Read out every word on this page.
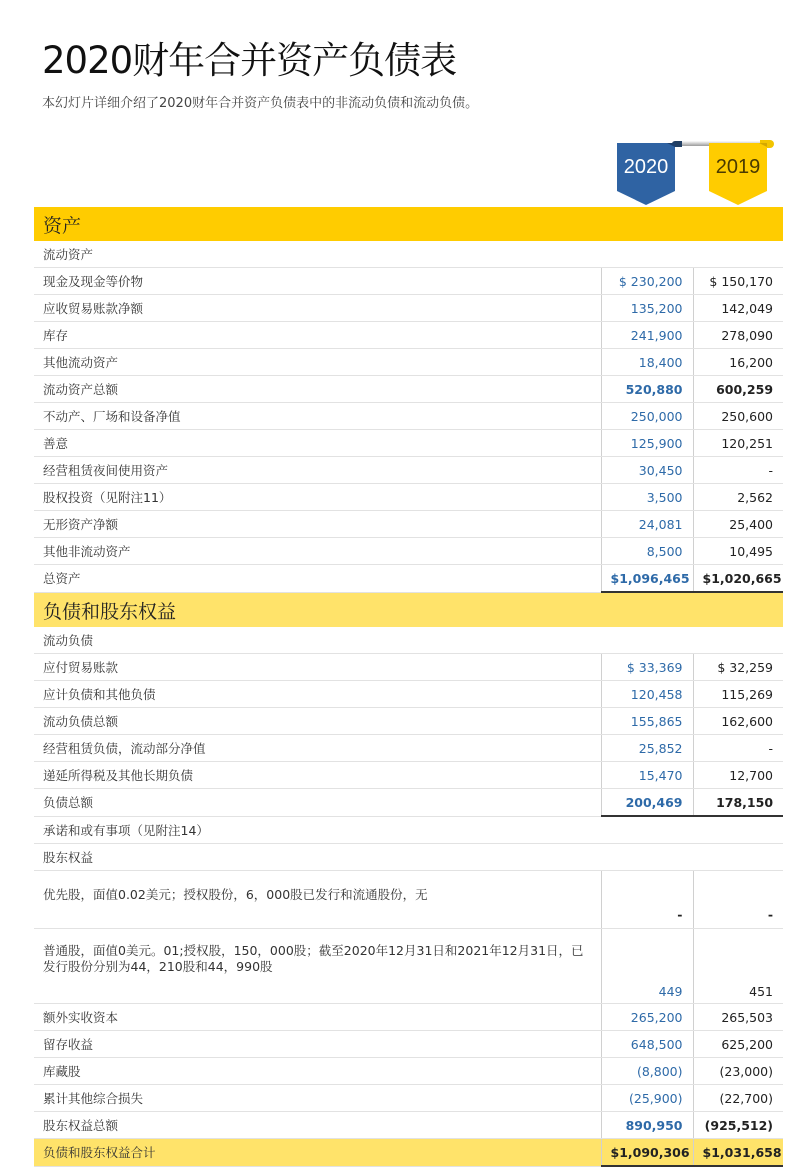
2020财年合并资产负债表
本幻灯片详细介绍了2020财年合并资产负债表中的非流动负债和流动负债。
2020	2019
资产		
流动资产		
现金及现金等价物	$ 230,200	$ 150,170
应收贸易账款净额	135,200	142,049
库存	241,900	278,090
其他流动资产	18,400	16,200
流动资产总额	520,880	600,259
不动产、厂场和设备净值	250,000	250,600
善意	125,900	120,251
经营租赁夜间使用资产	30,450	-
股权投资（见附注11）	3,500	2,562
无形资产净额	24,081	25,400
其他非流动资产	8,500	10,495
总资产	$1,096,465	$1,020,665
负债和股东权益		
流动负债		
应付贸易账款	$ 33,369	$ 32,259
应计负债和其他负债	120,458	115,269
流动负债总额	155,865	162,600
经营租赁负债，流动部分净值	25,852	-
递延所得税及其他长期负债	15,470	12,700
负债总额	200,469	178,150
承诺和或有事项（见附注14）		
股东权益		
优先股，面值0.02美元；授权股份，6，000股已发行和流通股份，无	-	-
普通股，面值0美元。01;授权股，150，000股；截至2020年12月31日和2021年12月31日，已发行股份分别为44，210股和44，990股	449	451
额外实收资本	265,200	265,503
留存收益	648,500	625,200
库藏股	(8,800)	(23,000)
累计其他综合损失	(25,900)	(22,700)
股东权益总额	890,950	(925,512)
负债和股东权益合计	$1,090,306	$1,031,658
